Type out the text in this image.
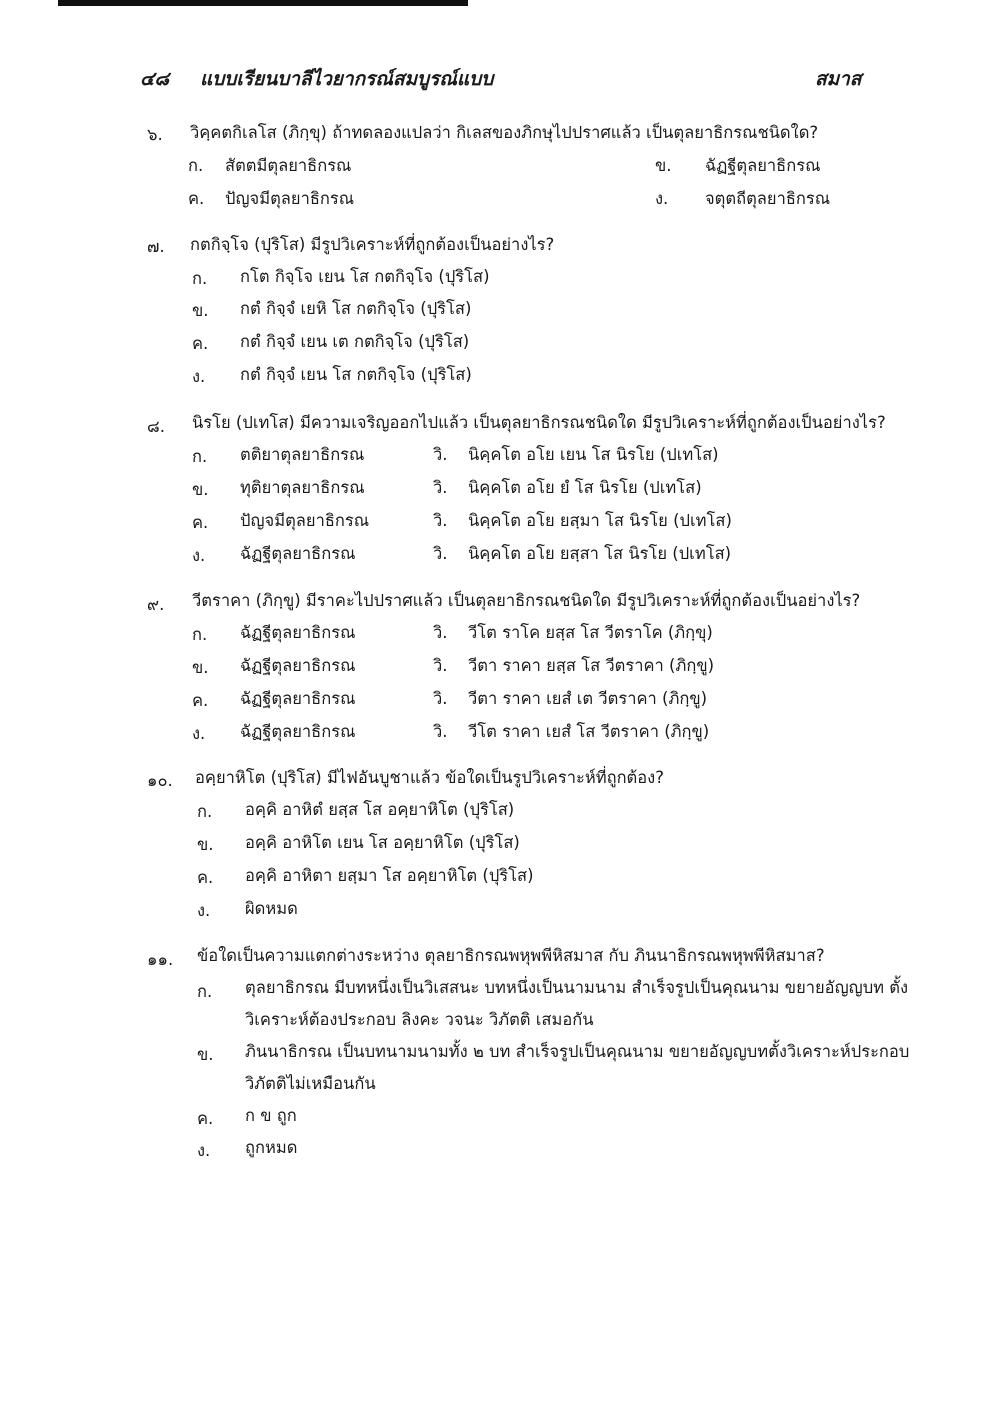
๔๘ แบบเรียนบาลีไวยากรณ์สมบูรณ์แบบ	สมาส
๖. วิคฺคตกิเลโส (ภิกฺขุ) ถ้าทดลองแปลว่า กิเลสของภิกษุไปปราศแล้ว เป็นตุลยาธิกรณชนิดใด?
ก. สัตตมีตุลยาธิกรณ	ข. ฉัฏฐีตุลยาธิกรณ
ค. ปัญจมีตุลยาธิกรณ	ง. จตุตถีตุลยาธิกรณ
๗. กตกิจฺโจ (ปุริโส) มีรูปวิเคราะห์ที่ถูกต้องเป็นอย่างไร?
ก. กโต กิจฺโจ เยน โส กตกิจฺโจ (ปุริโส)
ข. กตํ กิจฺจํ เยหิ โส กตกิจฺโจ (ปุริโส)
ค. กตํ กิจฺจํ เยน เต กตกิจฺโจ (ปุริโส)
ง. กตํ กิจฺจํ เยน โส กตกิจฺโจ (ปุริโส)
๘. นิรโย (ปเทโส) มีความเจริญออกไปแล้ว เป็นตุลยาธิกรณชนิดใด มีรูปวิเคราะห์ที่ถูกต้องเป็นอย่างไร?
ก. ตติยาตุลยาธิกรณ	วิ. นิคฺคโต อโย เยน โส นิรโย (ปเทโส)
ข. ทุติยาตุลยาธิกรณ	วิ. นิคฺคโต อโย ยํ โส นิรโย (ปเทโส)
ค. ปัญจมีตุลยาธิกรณ	วิ. นิคฺคโต อโย ยสฺมา โส นิรโย (ปเทโส)
ง. ฉัฏฐีตุลยาธิกรณ	วิ. นิคฺคโต อโย ยสฺสา โส นิรโย (ปเทโส)
๙. วีตราคา (ภิกฺขู) มีราคะไปปราศแล้ว เป็นตุลยาธิกรณชนิดใด มีรูปวิเคราะห์ที่ถูกต้องเป็นอย่างไร?
ก. ฉัฏฐีตุลยาธิกรณ	วิ. วีโต ราโค ยสฺส โส วีตราโค (ภิกฺขุ)
ข. ฉัฏฐีตุลยาธิกรณ	วิ. วีตา ราคา ยสฺส โส วีตราคา (ภิกฺขู)
ค. ฉัฏฐีตุลยาธิกรณ	วิ. วีตา ราคา เยสํ เต วีตราคา (ภิกฺขู)
ง. ฉัฏฐีตุลยาธิกรณ	วิ. วีโต ราคา เยสํ โส วีตราคา (ภิกฺขู)
๑๐. อคฺยาหิโต (ปุริโส) มีไฟอันบูชาแล้ว ข้อใดเป็นรูปวิเคราะห์ที่ถูกต้อง?
ก. อคฺคิ อาหิตํ ยสฺส โส อคฺยาหิโต (ปุริโส)
ข. อคฺคิ อาหิโต เยน โส อคฺยาหิโต (ปุริโส)
ค. อคฺคิ อาหิตา ยสฺมา โส อคฺยาหิโต (ปุริโส)
ง. ผิดหมด
๑๑. ข้อใดเป็นความแตกต่างระหว่าง ตุลยาธิกรณพหุพพีหิสมาส กับ ภินนาธิกรณพหุพพีหิสมาส?
ก. ตุลยาธิกรณ มีบทหนึ่งเป็นวิเสสนะ บทหนึ่งเป็นนามนาม สำเร็จรูปเป็นคุณนาม ขยายอัญญบท ตั้ง
วิเคราะห์ต้องประกอบ ลิงคะ วจนะ วิภัตติ เสมอกัน
ข. ภินนาธิกรณ เป็นบทนามนามทั้ง ๒ บท สำเร็จรูปเป็นคุณนาม ขยายอัญญบทตั้งวิเคราะห์ประกอบ
วิภัตติไม่เหมือนกัน
ค. ก ข ถูก
ง. ถูกหมด
